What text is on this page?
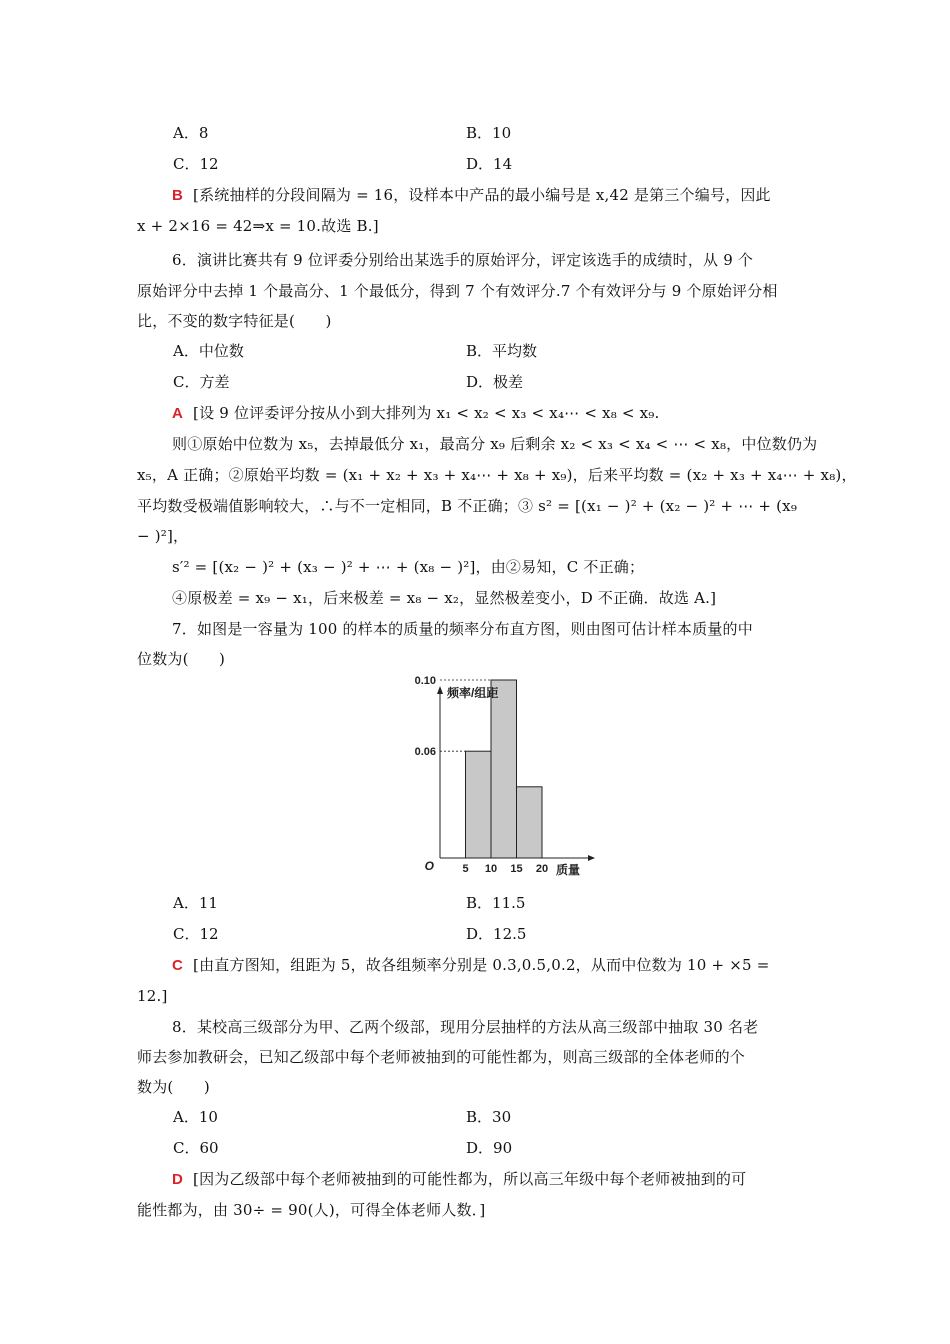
A．8	B．10
C．12	D．14
B [系统抽样的分段间隔为 = 16，设样本中产品的最小编号是 x,42 是第三个编号，因此
x + 2×16 = 42⇒x = 10.故选 B.]
6．演讲比赛共有 9 位评委分别给出某选手的原始评分，评定该选手的成绩时，从 9 个
原始评分中去掉 1 个最高分、1 个最低分，得到 7 个有效评分.7 个有效评分与 9 个原始评分相
比，不变的数字特征是(　　)
A．中位数	B．平均数
C．方差	D．极差
A [设 9 位评委评分按从小到大排列为 x₁ < x₂ < x₃ < x₄⋯ < x₈ < x₉.
则①原始中位数为 x₅，去掉最低分 x₁，最高分 x₉ 后剩余 x₂ < x₃ < x₄ < ⋯ < x₈，中位数仍为
x₅，A 正确；②原始平均数 = (x₁ + x₂ + x₃ + x₄⋯ + x₈ + x₉)，后来平均数 = (x₂ + x₃ + x₄⋯ + x₈)，
平均数受极端值影响较大，∴与不一定相同，B 不正确；③ s² = [(x₁ − )² + (x₂ − )² + ⋯ + (x₉
− )²]，
s′² = [(x₂ − )² + (x₃ − )² + ⋯ + (x₈ − )²]，由②易知，C 不正确；
④原极差 = x₉ − x₁，后来极差 = x₈ − x₂，显然极差变小，D 不正确．故选 A.]
7．如图是一容量为 100 的样本的质量的频率分布直方图，则由图可估计样本质量的中
位数为(　　)
0.06
0.10
5 10 15 20
O
频率/组距
质量
A．11	B．11.5
C．12	D．12.5
C [由直方图知，组距为 5，故各组频率分别是 0.3,0.5,0.2，从而中位数为 10 + ×5 =
12.]
8．某校高三级部分为甲、乙两个级部，现用分层抽样的方法从高三级部中抽取 30 名老
师去参加教研会，已知乙级部中每个老师被抽到的可能性都为，则高三级部的全体老师的个
数为(　　)
A．10	B．30
C．60	D．90
D [因为乙级部中每个老师被抽到的可能性都为，所以高三年级中每个老师被抽到的可
能性都为，由 30÷ = 90(人)，可得全体老师人数．]
